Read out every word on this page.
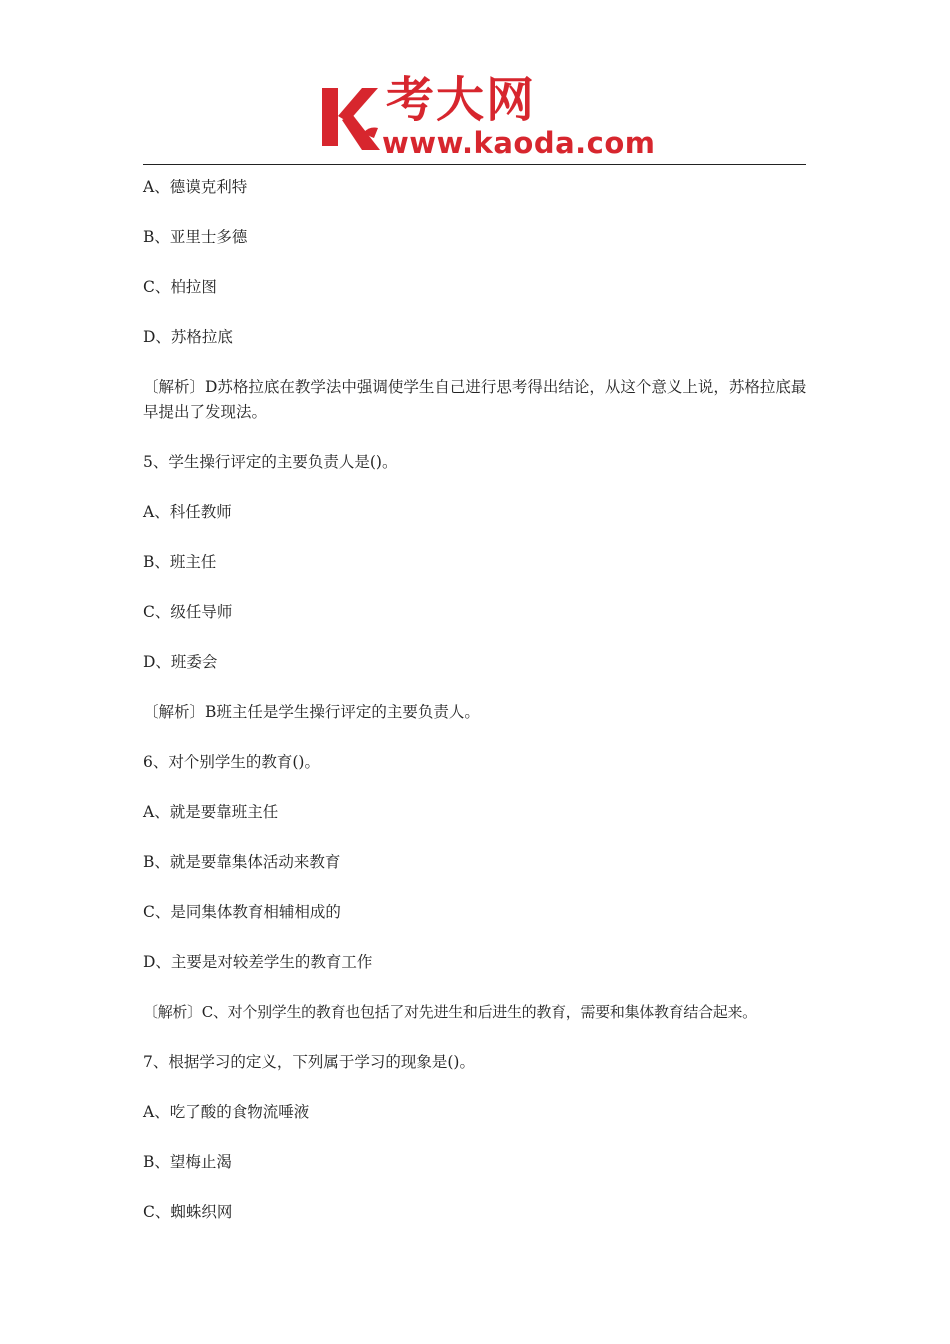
考大网
www.kaoda.com

A、德谟克利特

B、亚里士多德

C、柏拉图

D、苏格拉底

〔解析〕D苏格拉底在教学法中强调使学生自己进行思考得出结论，从这个意义上说，苏格拉底最早提出了发现法。

5、学生操行评定的主要负责人是()。

A、科任教师

B、班主任

C、级任导师

D、班委会

〔解析〕B班主任是学生操行评定的主要负责人。

6、对个别学生的教育()。

A、就是要靠班主任

B、就是要靠集体活动来教育

C、是同集体教育相辅相成的

D、主要是对较差学生的教育工作

〔解析〕C、对个别学生的教育也包括了对先进生和后进生的教育，需要和集体教育结合起来。

7、根据学习的定义，下列属于学习的现象是()。

A、吃了酸的食物流唾液

B、望梅止渴

C、蜘蛛织网
